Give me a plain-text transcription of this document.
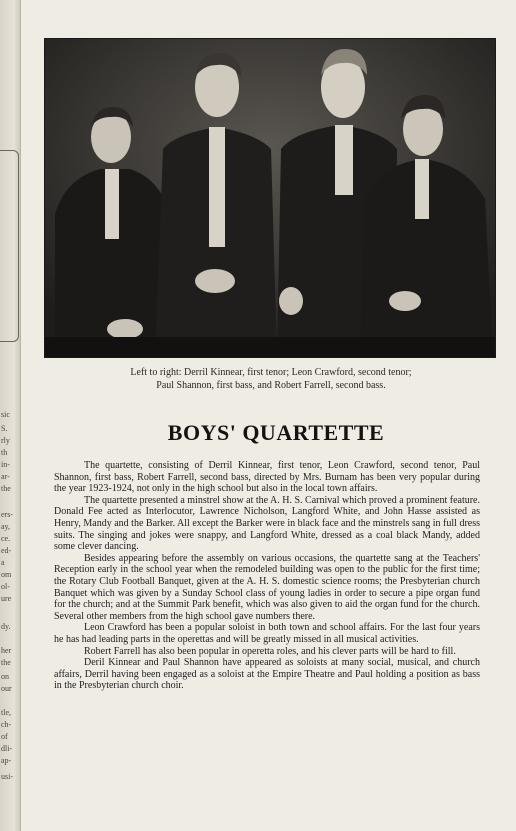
sic
S.
rly
th
in-
ar-
the
ers-
ay,
ce.
ed-
a
om
ol-
ure
dy.
her
the
on
our
tle,
ch-
of
dli-
ap-
usi-
Left to right: Derril Kinnear, first tenor; Leon Crawford, second tenor;
Paul Shannon, first bass, and Robert Farrell, second bass.
BOYS' QUARTETTE

The quartette, consisting of Derril Kinnear, first tenor, Leon Crawford, second tenor, Paul Shannon, first bass, Robert Farrell, second bass, directed by Mrs. Burnam has been very popular during the year 1923-1924, not only in the high school but also in the local town affairs.

The quartette presented a minstrel show at the A. H. S. Carnival which proved a prominent feature. Donald Fee acted as Interlocutor, Lawrence Nicholson, Langford White, and John Hasse assisted as Henry, Mandy and the Barker. All except the Barker were in black face and the minstrels sang in full dress suits. The singing and jokes were snappy, and Langford White, dressed as a coal black Mandy, added some clever dancing.

Besides appearing before the assembly on various occasions, the quartette sang at the Teachers' Reception early in the school year when the remodeled building was open to the public for the first time; the Rotary Club Football Banquet, given at the A. H. S. domestic science rooms; the Presbyterian church Banquet which was given by a Sunday School class of young ladies in order to secure a pipe organ fund for the church; and at the Summit Park benefit, which was also given to aid the organ fund for the church. Several other members from the high school gave numbers there.

Leon Crawford has been a popular soloist in both town and school affairs. For the last four years he has had leading parts in the operettas and will be greatly missed in all musical activities.

Robert Farrell has also been popular in operetta roles, and his clever parts will be hard to fill.

Deril Kinnear and Paul Shannon have appeared as soloists at many social, musical, and church affairs, Derril having been engaged as a soloist at the Empire Theatre and Paul holding a position as bass in the Presbyterian church choir.
